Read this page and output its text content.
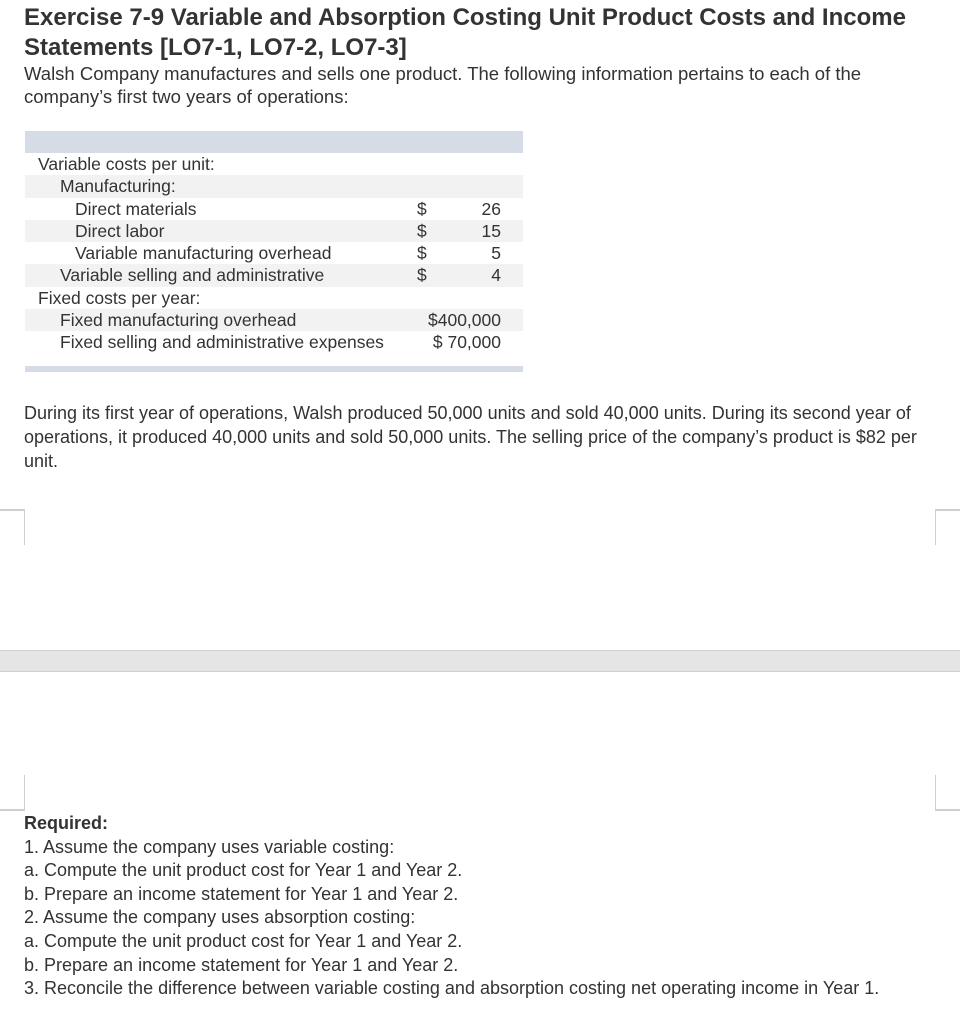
Exercise 7-9 Variable and Absorption Costing Unit Product Costs and Income Statements [LO7-1, LO7-2, LO7-3]

Walsh Company manufactures and sells one product. The following information pertains to each of the company’s first two years of operations:

Variable costs per unit:
Manufacturing:
Direct materials	$	26
Direct labor	$	15
Variable manufacturing overhead	$	5
Variable selling and administrative	$	4
Fixed costs per year:
Fixed manufacturing overhead	$400,000
Fixed selling and administrative expenses	$ 70,000

During its first year of operations, Walsh produced 50,000 units and sold 40,000 units. During its second year of operations, it produced 40,000 units and sold 50,000 units. The selling price of the company’s product is $82 per unit.

Required:
1. Assume the company uses variable costing:
a. Compute the unit product cost for Year 1 and Year 2.
b. Prepare an income statement for Year 1 and Year 2.
2. Assume the company uses absorption costing:
a. Compute the unit product cost for Year 1 and Year 2.
b. Prepare an income statement for Year 1 and Year 2.
3. Reconcile the difference between variable costing and absorption costing net operating income in Year 1.
